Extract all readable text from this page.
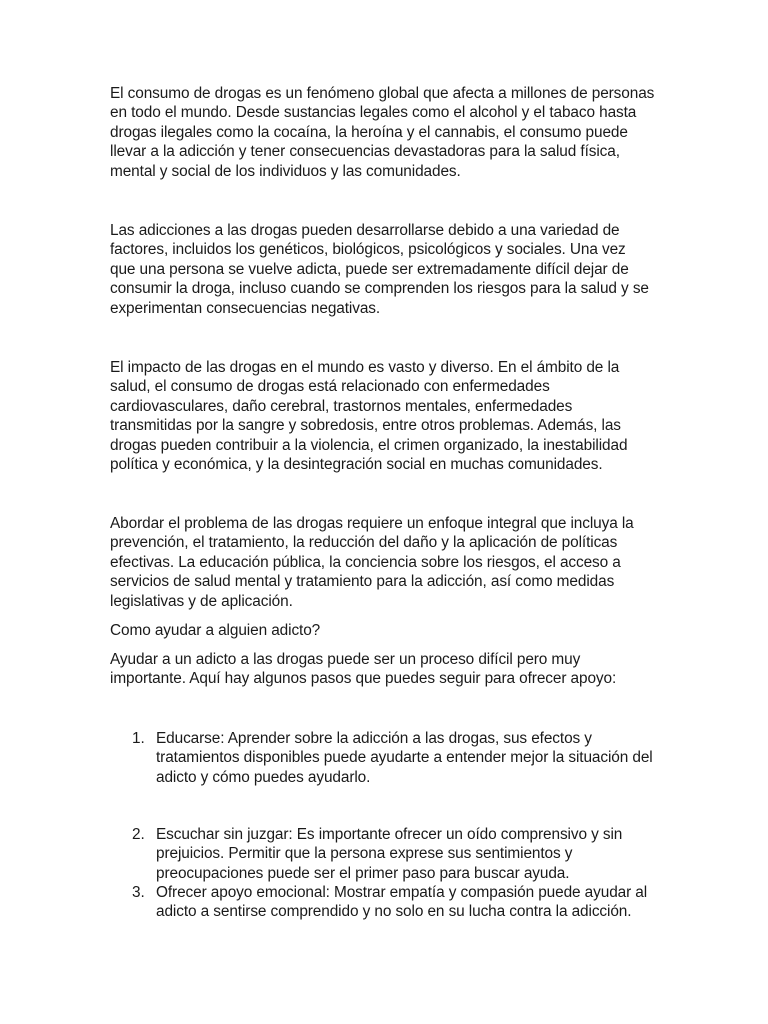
El consumo de drogas es un fenómeno global que afecta a millones de personas en todo el mundo. Desde sustancias legales como el alcohol y el tabaco hasta drogas ilegales como la cocaína, la heroína y el cannabis, el consumo puede llevar a la adicción y tener consecuencias devastadoras para la salud física, mental y social de los individuos y las comunidades.

Las adicciones a las drogas pueden desarrollarse debido a una variedad de factores, incluidos los genéticos, biológicos, psicológicos y sociales. Una vez que una persona se vuelve adicta, puede ser extremadamente difícil dejar de consumir la droga, incluso cuando se comprenden los riesgos para la salud y se experimentan consecuencias negativas.

El impacto de las drogas en el mundo es vasto y diverso. En el ámbito de la salud, el consumo de drogas está relacionado con enfermedades cardiovasculares, daño cerebral, trastornos mentales, enfermedades transmitidas por la sangre y sobredosis, entre otros problemas. Además, las drogas pueden contribuir a la violencia, el crimen organizado, la inestabilidad política y económica, y la desintegración social en muchas comunidades.

Abordar el problema de las drogas requiere un enfoque integral que incluya la prevención, el tratamiento, la reducción del daño y la aplicación de políticas efectivas. La educación pública, la conciencia sobre los riesgos, el acceso a servicios de salud mental y tratamiento para la adicción, así como medidas legislativas y de aplicación.

Como ayudar a alguien adicto?

Ayudar a un adicto a las drogas puede ser un proceso difícil pero muy importante. Aquí hay algunos pasos que puedes seguir para ofrecer apoyo:

1. Educarse: Aprender sobre la adicción a las drogas, sus efectos y tratamientos disponibles puede ayudarte a entender mejor la situación del adicto y cómo puedes ayudarlo.
2. Escuchar sin juzgar: Es importante ofrecer un oído comprensivo y sin prejuicios. Permitir que la persona exprese sus sentimientos y preocupaciones puede ser el primer paso para buscar ayuda.
3. Ofrecer apoyo emocional: Mostrar empatía y compasión puede ayudar al adicto a sentirse comprendido y no solo en su lucha contra la adicción.
